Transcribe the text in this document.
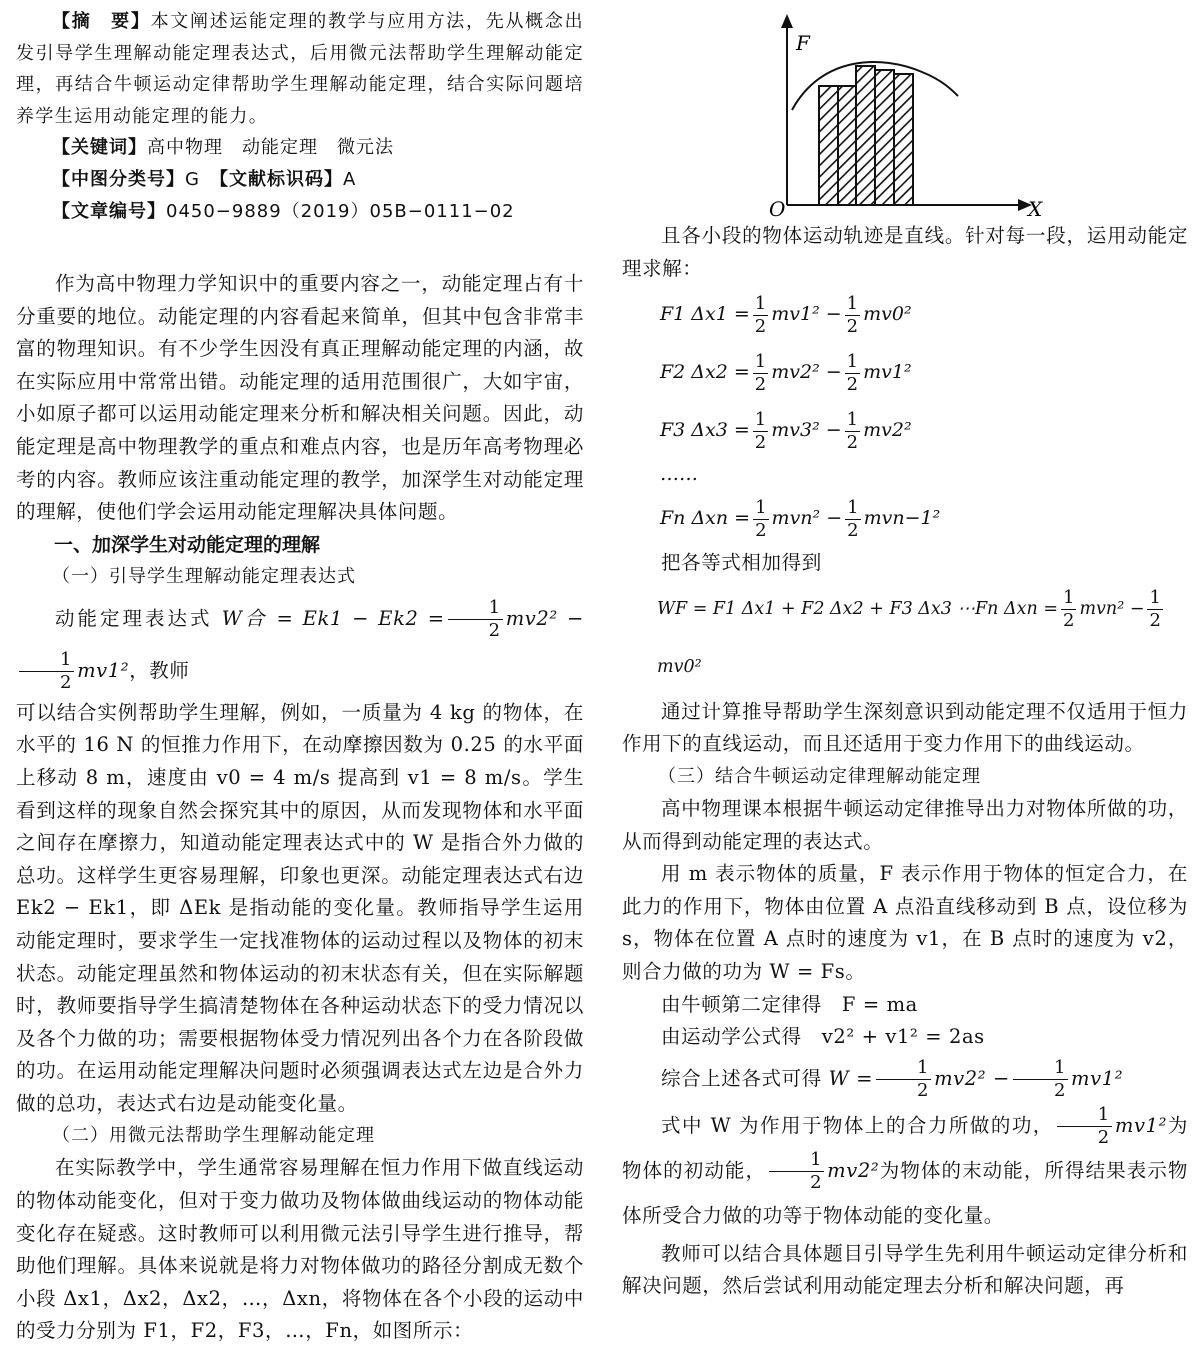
【摘　要】本文阐述运能定理的教学与应用方法，先从概念出发引导学生理解动能定理表达式，后用微元法帮助学生理解动能定理，再结合牛顿运动定律帮助学生理解动能定理，结合实际问题培养学生运用动能定理的能力。

【关键词】高中物理　动能定理　微元法
【中图分类号】G　 【文献标识码】A
【文章编号】0450−9889（2019）05B−0111−02

作为高中物理力学知识中的重要内容之一，动能定理占有十分重要的地位。动能定理的内容看起来简单，但其中包含非常丰富的物理知识。有不少学生因没有真正理解动能定理的内涵，故在实际应用中常常出错。动能定理的适用范围很广，大如宇宙，小如原子都可以运用动能定理来分析和解决相关问题。因此，动能定理是高中物理教学的重点和难点内容，也是历年高考物理必考的内容。教师应该注重动能定理的教学，加深学生对动能定理的理解，使他们学会运用动能定理解决具体问题。

一、加深学生对动能定理的理解
（一）引导学生理解动能定理表达式
动能定理表达式 W合 = $Ek1 - Ek2 = \frac{1}{2} mv2^2$ −
$\frac{1}{2} mv1^2$，教师

可以结合实例帮助学生理解，例如，一质量为 4 kg 的物体，在水平的 16 N 的恒推力作用下，在动摩擦因数为 0.25 的水平面上移动 8 m，速度由 v0 = 4 m/s 提高到 v1 = 8 m/s。学生看到这样的现象自然会探究其中的原因，从而发现物体和水平面之间存在摩擦力，知道动能定理表达式中的 W 是指合外力做的总功。这样学生更容易理解，印象也更深。动能定理表达式右边 Ek2 − Ek1，即 ΔEk 是指动能的变化量。教师指导学生运用动能定理时，要求学生一定找准物体的运动过程以及物体的初末状态。动能定理虽然和物体运动的初末状态有关，但在实际解题时，教师要指导学生搞清楚物体在各种运动状态下的受力情况以及各个力做的功；需要根据物体受力情况列出各个力在各阶段做的功。在运用动能定理解决问题时必须强调表达式左边是合外力做的总功，表达式右边是动能变化量。

（二）用微元法帮助学生理解动能定理

在实际教学中，学生通常容易理解在恒力作用下做直线运动的物体动能变化，但对于变力做功及物体做曲线运动的物体动能变化存在疑惑。这时教师可以利用微元法引导学生进行推导，帮助他们理解。具体来说就是将力对物体做功的路径分割成无数个小段 Δx1，Δx2，Δx2，…，Δxn，将物体在各个小段的运动中的受力分别为 F1，F2，F3，…，Fn，如图所示：

F
O	X

且各小段的物体运动轨迹是直线。针对每一段，运用动能定理求解：

F1 $\Delta x1 = \frac{1}{2} mv1^2 - \frac{1}{2} mv0^2$
F2 $\Delta x2 = \frac{1}{2} mv2^2 - \frac{1}{2} mv1^2$
F3 $\Delta x3 = \frac{1}{2} mv3^2 - \frac{1}{2} mv2^2$
……
Fn $\Delta xn = \frac{1}{2} mvn^2 - \frac{1}{2} mvn-1^2$

把各等式相加得到

WF = F1 Δx1 + F2 Δx2 + F3 Δx3 ⋯Fn $\Delta xn = \frac{1}{2} mvn^2 - \frac{1}{2}$
mv0²

通过计算推导帮助学生深刻意识到动能定理不仅适用于恒力作用下的直线运动，而且还适用于变力作用下的曲线运动。

（三）结合牛顿运动定律理解动能定理

高中物理课本根据牛顿运动定律推导出力对物体所做的功，从而得到动能定理的表达式。

用 m 表示物体的质量，F 表示作用于物体的恒定合力，在此力的作用下，物体由位置 A 点沿直线移动到 B 点，设位移为 s，物体在位置 A 点时的速度为 v1，在 B 点时的速度为 v2，则合力做的功为 W = Fs。

由牛顿第二定律得　F = ma

由运动学公式得　v2² + v1² = 2as

综合上述各式可得 $W = \frac{1}{2} mv2^2 - \frac{1}{2} mv1^2$

式中 W 为作用于物体上的合力所做的功， $\frac{1}{2} mv1^2$为物体的初动能， $\frac{1}{2} mv2^2$为物体的末动能，所得结果表示物体所受合力做的功等于物体动能的变化量。

教师可以结合具体题目引导学生先利用牛顿运动定律分析和解决问题，然后尝试利用动能定理去分析和解决问题，再
